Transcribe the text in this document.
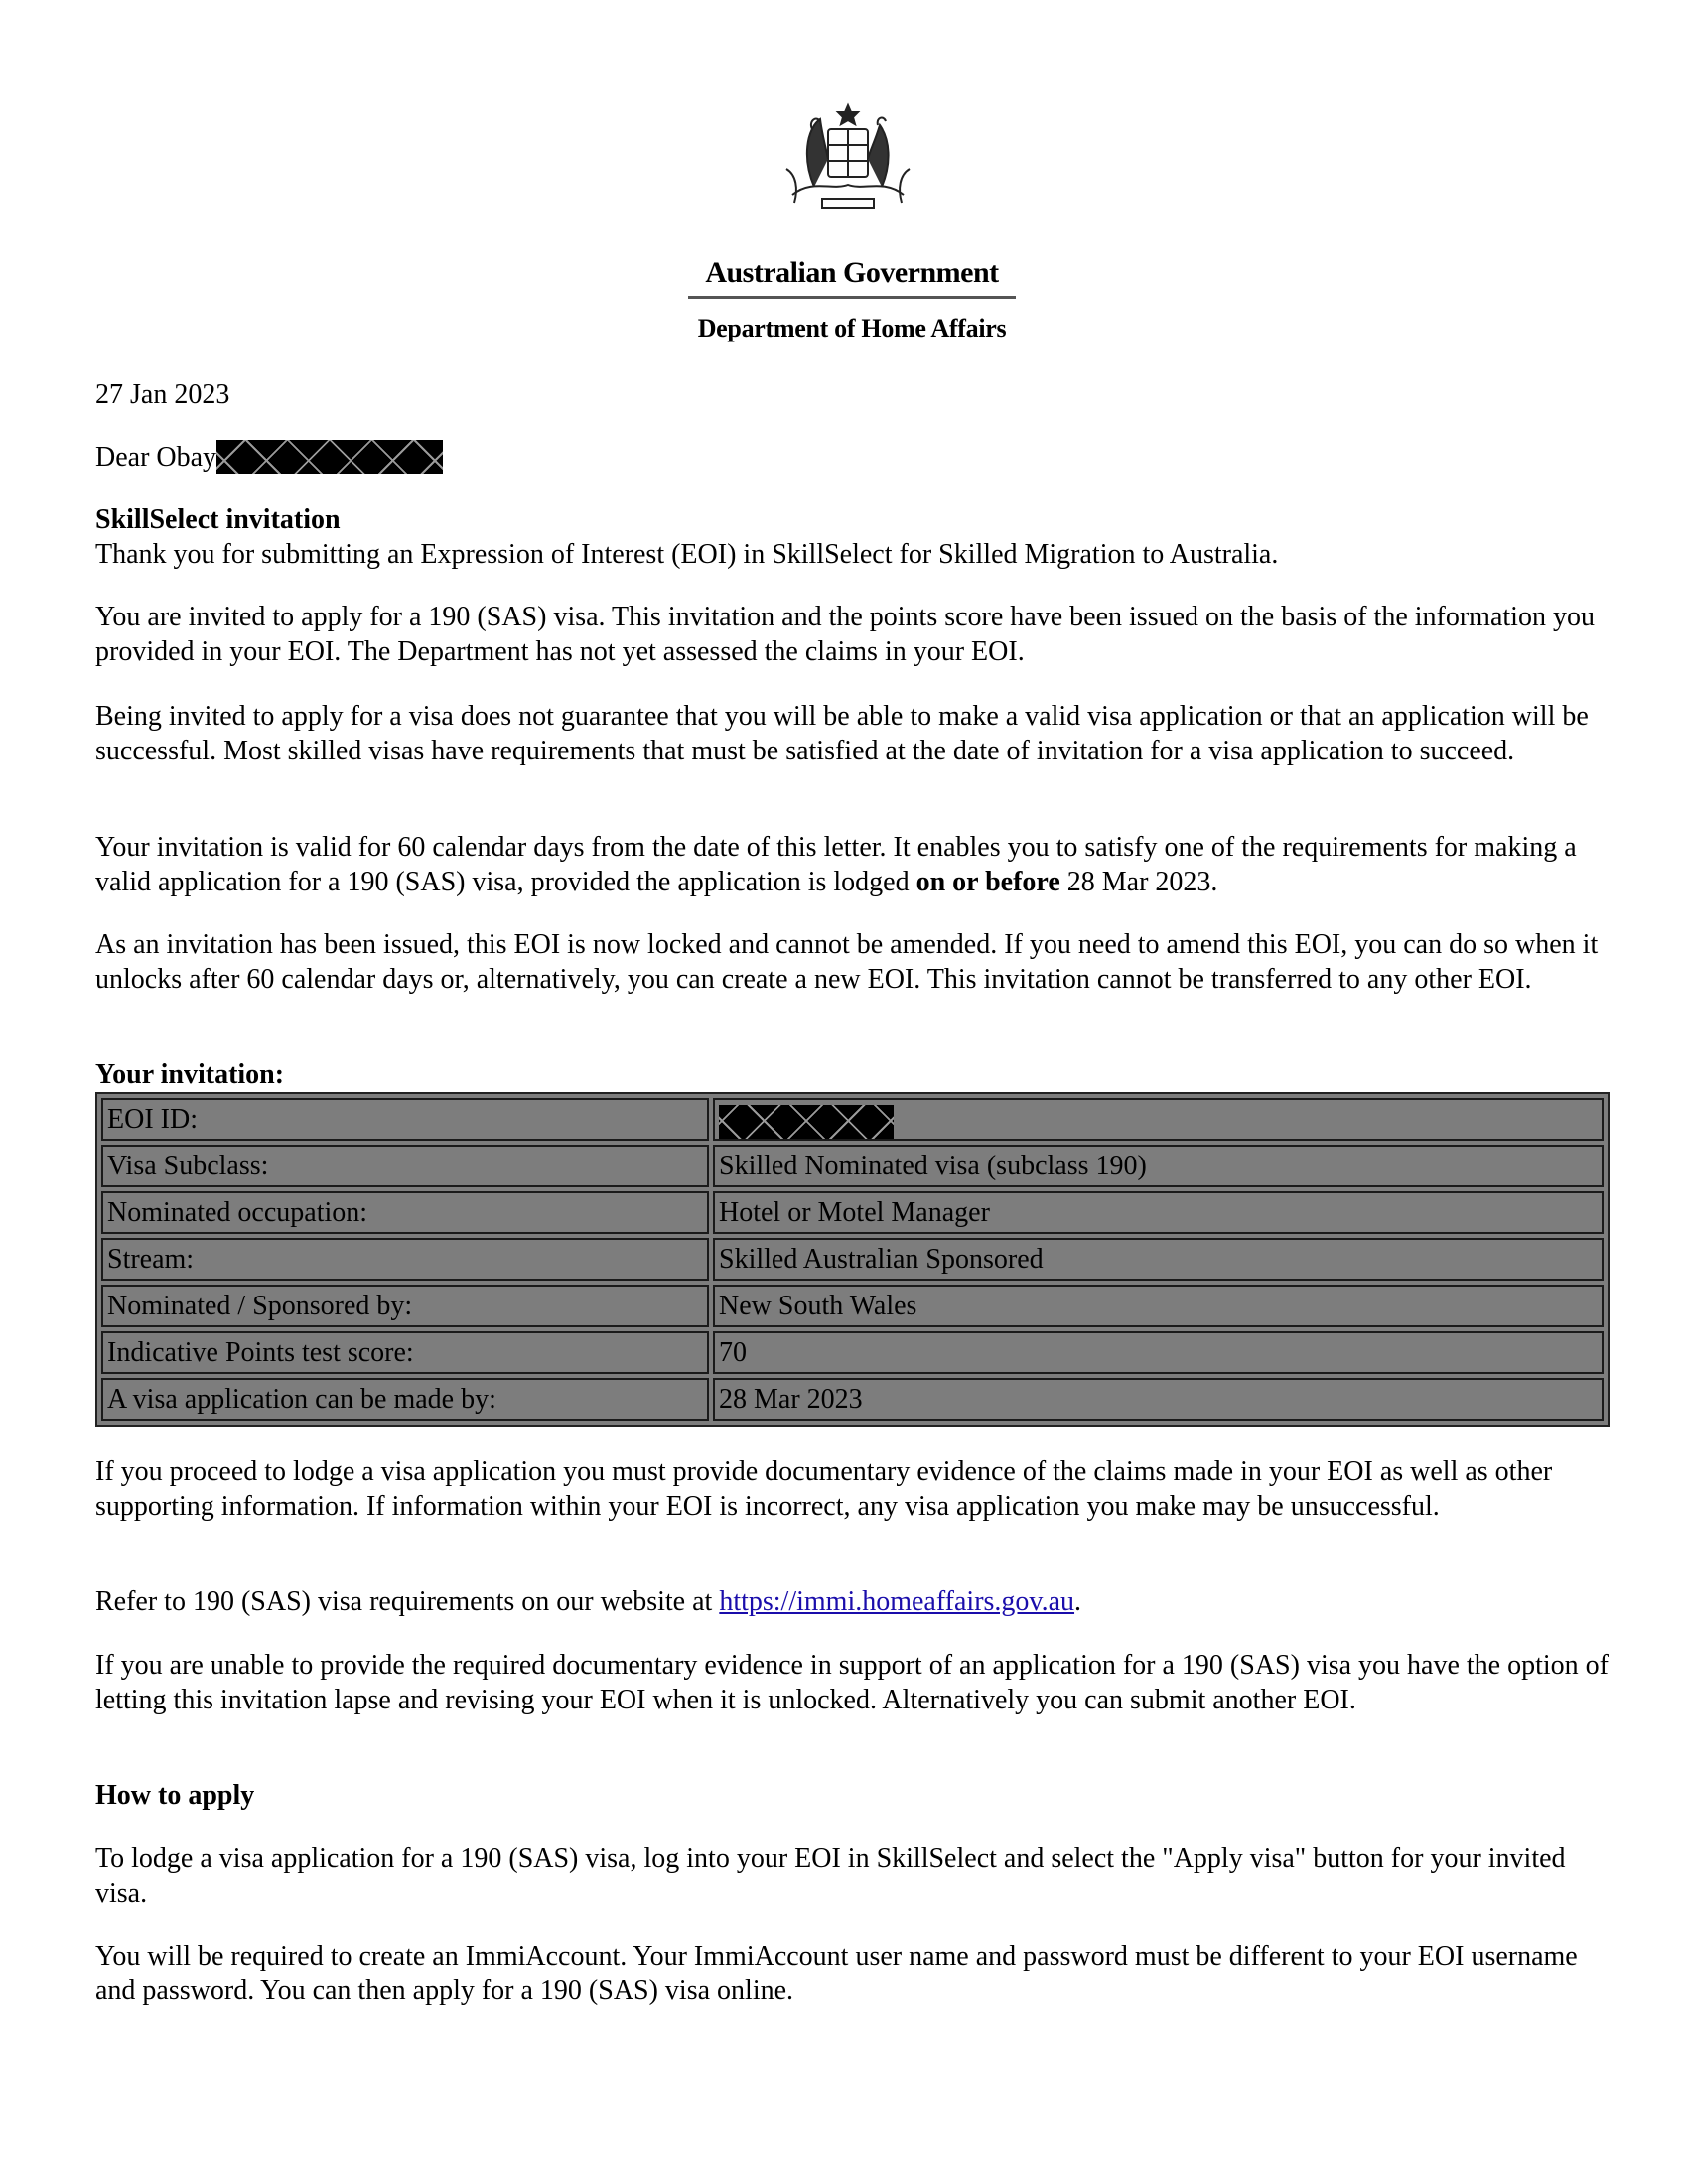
Australian Government
Department of Home Affairs

27 Jan 2023

Dear Obay

SkillSelect invitation

Thank you for submitting an Expression of Interest (EOI) in SkillSelect for Skilled Migration to Australia.

You are invited to apply for a 190 (SAS) visa. This invitation and the points score have been issued on the basis of the information you provided in your EOI. The Department has not yet assessed the claims in your EOI.

Being invited to apply for a visa does not guarantee that you will be able to make a valid visa application or that an application will be successful. Most skilled visas have requirements that must be satisfied at the date of invitation for a visa application to succeed.

Your invitation is valid for 60 calendar days from the date of this letter. It enables you to satisfy one of the requirements for making a valid application for a 190 (SAS) visa, provided the application is lodged on or before 28 Mar 2023.

As an invitation has been issued, this EOI is now locked and cannot be amended. If you need to amend this EOI, you can do so when it unlocks after 60 calendar days or, alternatively, you can create a new EOI. This invitation cannot be transferred to any other EOI.

Your invitation:

EOI ID:	
Visa Subclass:	Skilled Nominated visa (subclass 190)
Nominated occupation:	Hotel or Motel Manager
Stream:	Skilled Australian Sponsored
Nominated / Sponsored by:	New South Wales
Indicative Points test score:	70
A visa application can be made by:	28 Mar 2023

If you proceed to lodge a visa application you must provide documentary evidence of the claims made in your EOI as well as other supporting information. If information within your EOI is incorrect, any visa application you make may be unsuccessful.

Refer to 190 (SAS) visa requirements on our website at https://immi.homeaffairs.gov.au.

If you are unable to provide the required documentary evidence in support of an application for a 190 (SAS) visa you have the option of letting this invitation lapse and revising your EOI when it is unlocked. Alternatively you can submit another EOI.

How to apply

To lodge a visa application for a 190 (SAS) visa, log into your EOI in SkillSelect and select the "Apply visa" button for your invited visa.

You will be required to create an ImmiAccount. Your ImmiAccount user name and password must be different to your EOI username and password. You can then apply for a 190 (SAS) visa online.
